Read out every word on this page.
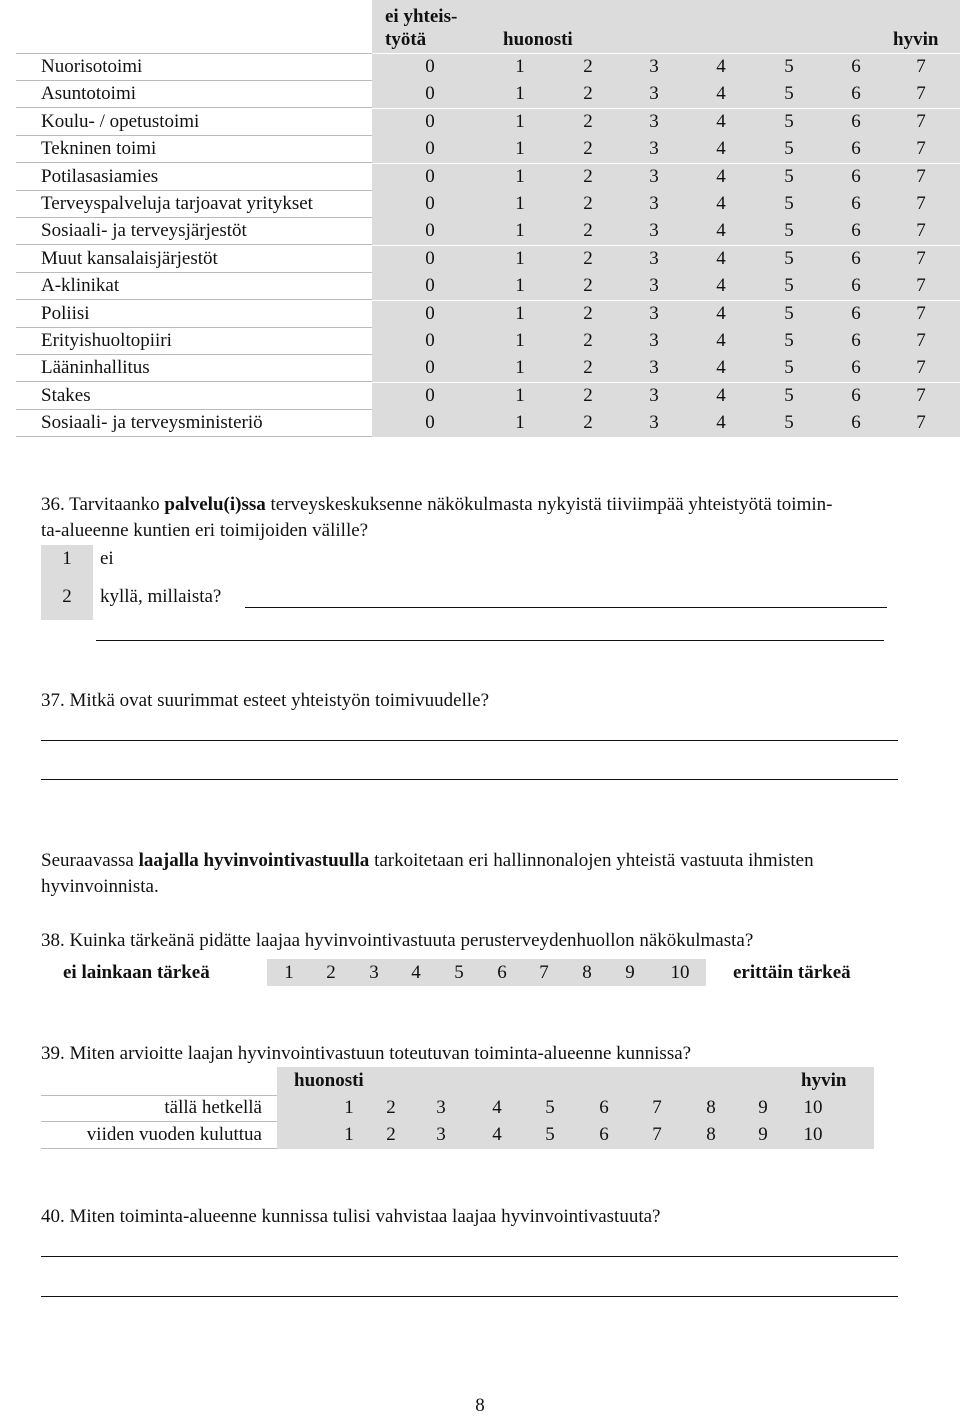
ei yhteis-
työtä	huonosti	hyvin
Nuorisotoimi	0	1	2	3	4	5	6	7
Asuntotoimi	0	1	2	3	4	5	6	7
Koulu- / opetustoimi	0	1	2	3	4	5	6	7
Tekninen toimi	0	1	2	3	4	5	6	7
Potilasasiamies	0	1	2	3	4	5	6	7
Terveyspalveluja tarjoavat yritykset	0	1	2	3	4	5	6	7
Sosiaali- ja terveysjärjestöt	0	1	2	3	4	5	6	7
Muut kansalaisjärjestöt	0	1	2	3	4	5	6	7
A-klinikat	0	1	2	3	4	5	6	7
Poliisi	0	1	2	3	4	5	6	7
Erityishuoltopiiri	0	1	2	3	4	5	6	7
Lääninhallitus	0	1	2	3	4	5	6	7
Stakes	0	1	2	3	4	5	6	7
Sosiaali- ja terveysministeriö	0	1	2	3	4	5	6	7
36. Tarvitaanko palvelu(i)ssa terveyskeskuksenne näkökulmasta nykyistä tiiviimpää yhteistyötä toimin-
ta-alueenne kuntien eri toimijoiden välille?
1	ei
2	kyllä, millaista?
37. Mitkä ovat suurimmat esteet yhteistyön toimivuudelle?
Seuraavassa laajalla hyvinvointivastuulla tarkoitetaan eri hallinnonalojen yhteistä vastuuta ihmisten
hyvinvoinnista.
38. Kuinka tärkeänä pidätte laajaa hyvinvointivastuuta perusterveydenhuollon näkökulmasta?
ei lainkaan tärkeä	1	2	3	4	5	6	7	8	9	10 erittäin tärkeä
39. Miten arvioitte laajan hyvinvointivastuun toteutuvan toiminta-alueenne kunnissa?
huonosti	hyvin
tällä hetkellä	1	2	3	4	5	6	7	8	9	10
viiden vuoden kuluttua	1	2	3	4	5	6	7	8	9	10
40. Miten toiminta-alueenne kunnissa tulisi vahvistaa laajaa hyvinvointivastuuta?
8
